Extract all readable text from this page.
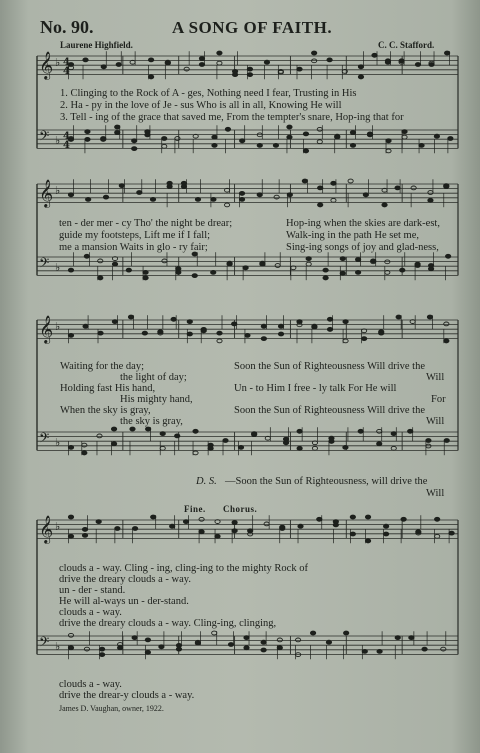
No. 90.	A SONG OF FAITH.
Laurene Highfield.	C. C. Stafford.
𝄞 ♭
𝄢 ♭
𝄞 ♭
𝄢 ♭
𝄞 ♭
𝄢 ♭
𝄞 ♭
𝄢 ♭
4
4
4
4
1. Clinging to the Rock of A - ges, Nothing need I fear, Trusting in His
2. Ha - py in the love of Je - sus Who is all in all, Knowing He will
3. Tell - ing of the grace that saved me, From the tempter's snare, Hop-ing that for
ten - der mer - cy Tho' the night be drear;
guide my footsteps, Lift me if I fall;
me a mansion Waits in glo - ry fair;
Hop-ing when the skies are dark-est,
Walk-ing in the path He set me,
Sing-ing songs of joy and glad-ness,
Waiting for the day;
the light of day;
Holding fast His hand,
His mighty hand,
When the sky is gray,
the sky is gray,
Soon the Sun of Righteousness Will drive the
Will
Un - to Him I free - ly talk For He will
For
Soon the Sun of Righteousness Will drive the
Will
D. S. —Soon the Sun of Righteousness, will drive the
Will
Fine. Chorus.
clouds a - way. Cling - ing, cling-ing to the mighty Rock of
drive the dreary clouds a - way.
un - der - stand.
He will al-ways un - der-stand.
clouds a - way.
drive the dreary clouds a - way. Cling-ing, clinging,
clouds a - way.
drive the drear-y clouds a - way.
James D. Vaughan, owner, 1922.
